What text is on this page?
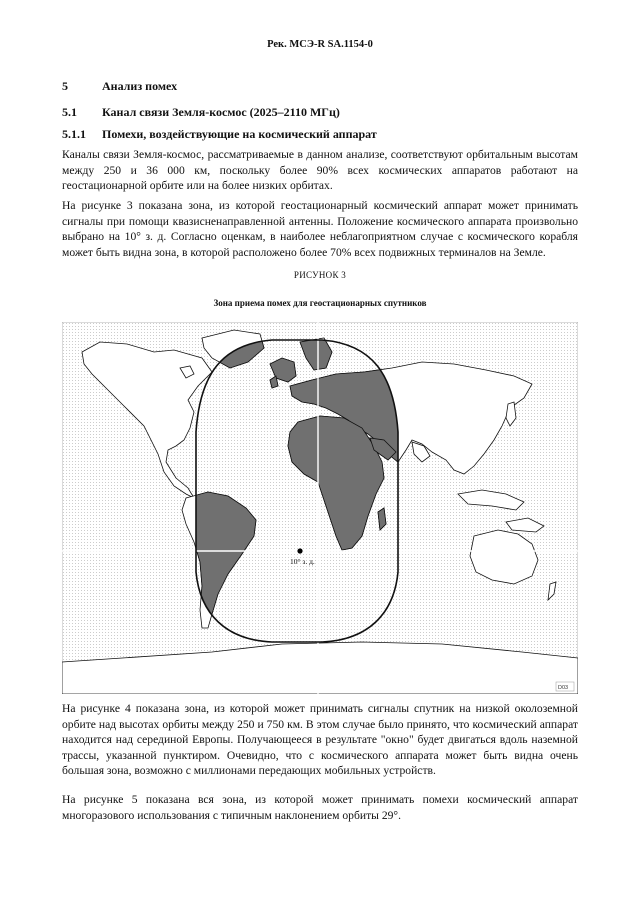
Рек. МСЭ-R SA.1154-0
5	Анализ помех
5.1 Канал связи Земля-космос (2025–2110 МГц)
5.1.1 Помехи, воздействующие на космический аппарат

Каналы связи Земля-космос, рассматриваемые в данном анализе, соответствуют орбитальным высотам между 250 и 36 000 км, поскольку более 90% всех космических аппаратов работают на геостационарной орбите или на более низких орбитах.

На рисунке 3 показана зона, из которой геостационарный космический аппарат может принимать сигналы при помощи квазисненаправленной антенны. Положение космического аппарата произвольно выбрано на 10° з. д. Согласно оценкам, в наиболее неблагоприятном случае с космического корабля может быть видна зона, в которой расположено более 70% всех подвижных терминалов на Земле.

РИСУНОК 3
Зона приема помех для геостационарных спутников
10° з. д.
D03

На рисунке 4 показана зона, из которой может принимать сигналы спутник на низкой околоземной орбите над высотах орбиты между 250 и 750 км. В этом случае было принято, что космический аппарат находится над серединой Европы. Получающееся в результате "окно" будет двигаться вдоль наземной трассы, указанной пунктиром. Очевидно, что с космического аппарата может быть видна очень большая зона, возможно с миллионами передающих мобильных устройств.

На рисунке 5 показана вся зона, из которой может принимать помехи космический аппарат многоразового использования с типичным наклонением орбиты 29°.
